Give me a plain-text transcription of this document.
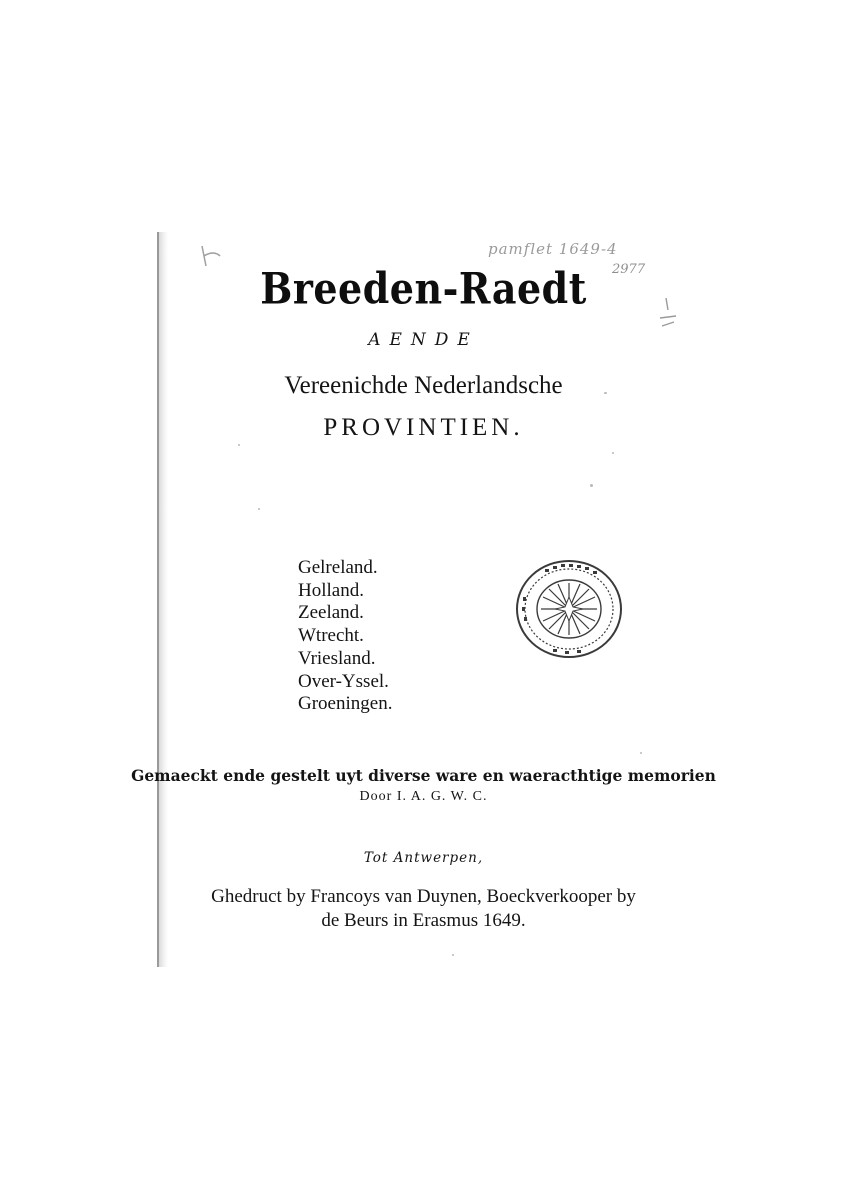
pamflet 1649-4
2977
Breeden-Raedt
AENDE
Vereenichde Nederlandsche
PROVINTIEN.
Gelreland.
Holland.
Zeeland.
Wtrecht.
Vriesland.
Over-Yssel.
Groeningen.
Gemaeckt ende gestelt uyt diverse ware en waeracthtige memorien
Door I. A. G. W. C.
Tot Antwerpen,
Ghedruct by Francoys van Duynen, Boeckverkooper by
de Beurs in Erasmus 1649.
